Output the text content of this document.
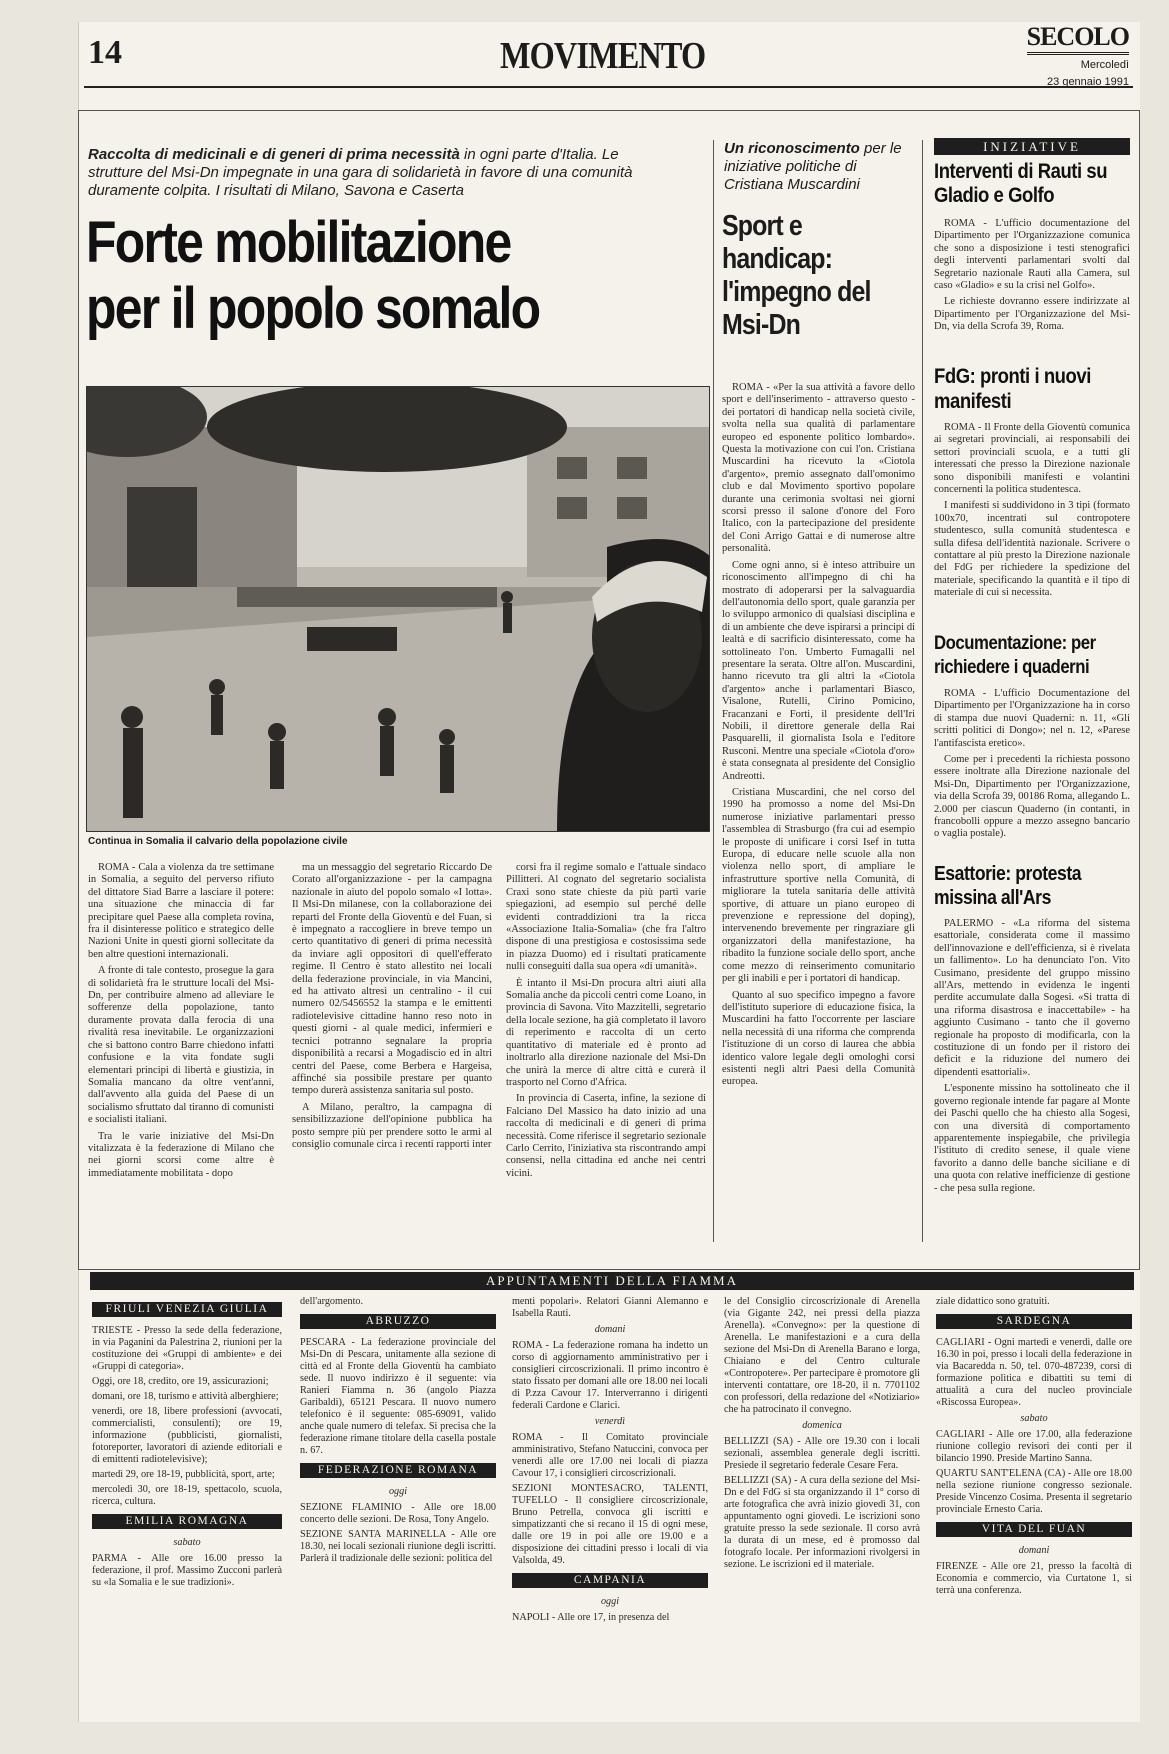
14	MOVIMENTO	SECOLO
Mercoledì
23 gennaio 1991
Raccolta di medicinali e di generi di prima necessità in ogni parte d'Italia. Le strutture del Msi-Dn impegnate in una gara di solidarietà in favore di una comunità duramente colpita. I risultati di Milano, Savona e Caserta
Forte mobilitazione per il popolo somalo
Continua in Somalia il calvario della popolazione civile

ROMA - Cala a violenza da tre settimane in Somalia, a seguito del perverso rifiuto del dittatore Siad Barre a lasciare il potere: una situazione che minaccia di far precipitare quel Paese alla completa rovina, fra il disinteresse politico e strategico delle Nazioni Unite in questi giorni sollecitate da ben altre questioni internazionali.

A fronte di tale contesto, prosegue la gara di solidarietà fra le strutture locali del Msi-Dn, per contribuire almeno ad alleviare le sofferenze della popolazione, tanto duramente provata dalla ferocia di una rivalità resa inevitabile. Le organizzazioni che si battono contro Barre chiedono infatti confusione e la vita fondate sugli elementari principi di libertà e giustizia, in Somalia mancano da oltre vent'anni, dall'avvento alla guida del Paese di un socialismo sfruttato dal tiranno di comunisti e socialisti italiani.

Tra le varie iniziative del Msi-Dn vitalizzata è la federazione di Milano che nei giorni scorsi come altre è immediatamente mobilitata - dopo

ma un messaggio del segretario Riccardo De Corato all'organizzazione - per la campagna nazionale in aiuto del popolo somalo «I lotta». Il Msi-Dn milanese, con la collaborazione dei reparti del Fronte della Gioventù e del Fuan, si è impegnato a raccogliere in breve tempo un certo quantitativo di generi di prima necessità da inviare agli oppositori di quell'efferato regime. Il Centro è stato allestito nei locali della federazione provinciale, in via Mancini, ed ha attivato altresì un centralino - il cui numero 02/5456552 la stampa e le emittenti radiotelevisive cittadine hanno reso noto in questi giorni - al quale medici, infermieri e tecnici potranno segnalare la propria disponibilità a recarsi a Mogadiscio ed in altri centri del Paese, come Berbera e Hargeisa, affinché sia possibile prestare per quanto tempo durerà assistenza sanitaria sul posto.

A Milano, peraltro, la campagna di sensibilizzazione dell'opinione pubblica ha posto sempre più per prendere sotto le armi al consiglio comunale circa i recenti rapporti inter

corsi fra il regime somalo e l'attuale sindaco Pillitteri. Al cognato del segretario socialista Craxi sono state chieste da più parti varie spiegazioni, ad esempio sul perché delle evidenti contraddizioni tra la ricca «Associazione Italia-Somalia» (che fra l'altro dispone di una prestigiosa e costosissima sede in piazza Duomo) ed i risultati praticamente nulli conseguiti dalla sua opera «di umanità».

È intanto il Msi-Dn procura altri aiuti alla Somalia anche da piccoli centri come Loano, in provincia di Savona. Vito Mazzitelli, segretario della locale sezione, ha già completato il lavoro di reperimento e raccolta di un certo quantitativo di materiale ed è pronto ad inoltrarlo alla direzione nazionale del Msi-Dn che unirà la merce di altre città e curerà il trasporto nel Corno d'Africa.

In provincia di Caserta, infine, la sezione di Falciano Del Massico ha dato inizio ad una raccolta di medicinali e di generi di prima necessità. Come riferisce il segretario sezionale Carlo Cerrito, l'iniziativa sta riscontrando ampi consensi, nella cittadina ed anche nei centri vicini.

Un riconoscimento per le iniziative politiche di Cristiana Muscardini
Sport e handicap: l'impegno del Msi-Dn

ROMA - «Per la sua attività a favore dello sport e dell'inserimento - attraverso questo - dei portatori di handicap nella società civile, svolta nella sua qualità di parlamentare europeo ed esponente politico lombardo». Questa la motivazione con cui l'on. Cristiana Muscardini ha ricevuto la «Ciotola d'argento», premio assegnato dall'omonimo club e dal Movimento sportivo popolare durante una cerimonia svoltasi nei giorni scorsi presso il salone d'onore del Foro Italico, con la partecipazione del presidente del Coni Arrigo Gattai e di numerose altre personalità.

Come ogni anno, si è inteso attribuire un riconoscimento all'impegno di chi ha mostrato di adoperarsi per la salvaguardia dell'autonomia dello sport, quale garanzia per lo sviluppo armonico di qualsiasi disciplina e di un ambiente che deve ispirarsi a principi di lealtà e di sacrificio disinteressato, come ha sottolineato l'on. Umberto Fumagalli nel presentare la serata. Oltre all'on. Muscardini, hanno ricevuto tra gli altri la «Ciotola d'argento» anche i parlamentari Biasco, Visalone, Rutelli, Cirino Pomicino, Fracanzani e Forti, il presidente dell'Iri Nobili, il direttore generale della Rai Pasquarelli, il giornalista Isola e l'editore Rusconi. Mentre una speciale «Ciotola d'oro» è stata consegnata al presidente del Consiglio Andreotti.

Cristiana Muscardini, che nel corso del 1990 ha promosso a nome del Msi-Dn numerose iniziative parlamentari presso l'assemblea di Strasburgo (fra cui ad esempio le proposte di unificare i corsi Isef in tutta Europa, di educare nelle scuole alla non violenza nello sport, di ampliare le infrastrutture sportive nella Comunità, di migliorare la tutela sanitaria delle attività sportive, di attuare un piano europeo di prevenzione e repressione del doping), intervenendo brevemente per ringraziare gli organizzatori della manifestazione, ha ribadito la funzione sociale dello sport, anche come mezzo di reinserimento comunitario per gli inabili e per i portatori di handicap.

Quanto al suo specifico impegno a favore dell'istituto superiore di educazione fisica, la Muscardini ha fatto l'occorrente per lasciare nella necessità di una riforma che comprenda l'istituzione di un corso di laurea che abbia identico valore legale degli omologhi corsi esistenti negli altri Paesi della Comunità europea.

INIZIATIVE
Interventi di Rauti su Gladio e Golfo

ROMA - L'ufficio documentazione del Dipartimento per l'Organizzazione comunica che sono a disposizione i testi stenografici degli interventi parlamentari svolti dal Segretario nazionale Rauti alla Camera, sul caso «Gladio» e su la crisi nel Golfo».

Le richieste dovranno essere indirizzate al Dipartimento per l'Organizzazione del Msi-Dn, via della Scrofa 39, Roma.

FdG: pronti i nuovi manifesti

ROMA - Il Fronte della Gioventù comunica ai segretari provinciali, ai responsabili dei settori provinciali scuola, e a tutti gli interessati che presso la Direzione nazionale sono disponibili manifesti e volantini concernenti la politica studentesca.

I manifesti si suddividono in 3 tipi (formato 100x70, incentrati sul contropotere studentesco, sulla comunità studentesca e sulla difesa dell'identità nazionale. Scrivere o contattare al più presto la Direzione nazionale del FdG per richiedere la spedizione del materiale, specificando la quantità e il tipo di materiale di cui si necessita.

Documentazione: per richiedere i quaderni

ROMA - L'ufficio Documentazione del Dipartimento per l'Organizzazione ha in corso di stampa due nuovi Quaderni: n. 11, «Gli scritti politici di Dongo»; nel n. 12, «Parese l'antifascista eretico».

Come per i precedenti la richiesta possono essere inoltrate alla Direzione nazionale del Msi-Dn, Dipartimento per l'Organizzazione, via della Scrofa 39, 00186 Roma, allegando L. 2.000 per ciascun Quaderno (in contanti, in francobolli oppure a mezzo assegno bancario o vaglia postale).

Esattorie: protesta missina all'Ars

PALERMO - «La riforma del sistema esattoriale, considerata come il massimo dell'innovazione e dell'efficienza, si è rivelata un fallimento». Lo ha denunciato l'on. Vito Cusimano, presidente del gruppo missino all'Ars, mettendo in evidenza le ingenti perdite accumulate dalla Sogesi. «Si tratta di una riforma disastrosa e inaccettabile» - ha aggiunto Cusimano - tanto che il governo regionale ha proposto di modificarla, con la costituzione di un fondo per il ristoro dei deficit e la riduzione del numero dei dipendenti esattoriali».

L'esponente missino ha sottolineato che il governo regionale intende far pagare al Monte dei Paschi quello che ha chiesto alla Sogesi, con una diversità di comportamento apparentemente inspiegabile, che privilegia l'istituto di credito senese, il quale viene favorito a danno delle banche siciliane e di una quota con relative inefficienze di gestione - che pesa sulla regione.

APPUNTAMENTI DELLA FIAMMA
FRIULI VENEZIA GIULIA

TRIESTE - Presso la sede della federazione, in via Paganini da Palestrina 2, riunioni per la costituzione dei «Gruppi di ambiente» e dei «Gruppi di categoria».

Oggi, ore 18, credito, ore 19, assicurazioni;

domani, ore 18, turismo e attività alberghiere;

venerdì, ore 18, libere professioni (avvocati, commercialisti, consulenti); ore 19, informazione (pubblicisti, giornalisti, fotoreporter, lavoratori di aziende editoriali e di emittenti radiotelevisive);

martedì 29, ore 18-19, pubblicità, sport, arte;

mercoledì 30, ore 18-19, spettacolo, scuola, ricerca, cultura.

EMILIA ROMAGNA
sabato

PARMA - Alle ore 16.00 presso la federazione, il prof. Massimo Zucconi parlerà su «la Somalia e le sue tradizioni».

dell'argomento.

ABRUZZO

PESCARA - La federazione provinciale del Msi-Dn di Pescara, unitamente alla sezione di città ed al Fronte della Gioventù ha cambiato sede. Il nuovo indirizzo è il seguente: via Ranieri Fiamma n. 36 (angolo Piazza Garibaldi), 65121 Pescara. Il nuovo numero telefonico è il seguente: 085-69091, valido anche quale numero di telefax. Si precisa che la federazione rimane titolare della casella postale n. 67.

FEDERAZIONE ROMANA
oggi

SEZIONE FLAMINIO - Alle ore 18.00 concerto delle sezioni. De Rosa, Tony Angelo.

SEZIONE SANTA MARINELLA - Alle ore 18.30, nei locali sezionali riunione degli iscritti. Parlerà il tradizionale delle sezioni: politica del

menti popolari». Relatori Gianni Alemanno e Isabella Rauti.

domani

ROMA - La federazione romana ha indetto un corso di aggiornamento amministrativo per i consiglieri circoscrizionali. Il primo incontro è stato fissato per domani alle ore 18.00 nei locali di P.zza Cavour 17. Interverranno i dirigenti federali Cardone e Clarici.

venerdì

ROMA - Il Comitato provinciale amministrativo, Stefano Natuccini, convoca per venerdì alle ore 17.00 nei locali di piazza Cavour 17, i consiglieri circoscrizionali.

SEZIONI MONTESACRO, TALENTI, TUFELLO - Il consigliere circoscrizionale, Bruno Petrella, convoca gli iscritti e simpatizzanti che si recano il 15 di ogni mese, dalle ore 19 in poi alle ore 19.00 e a disposizione dei cittadini presso i locali di via Valsolda, 49.

CAMPANIA
oggi

NAPOLI - Alle ore 17, in presenza del

le del Consiglio circoscrizionale di Arenella (via Gigante 242, nei pressi della piazza Arenella). «Convegno»: per la questione di Arenella. Le manifestazioni e a cura della sezione del Msi-Dn di Arenella Barano e lorga, Chiaiano e del Centro culturale «Contropotere». Per partecipare è promotore gli interventi contattare, ore 18-20, il n. 7701102 con professori, della redazione del «Notiziario» che ha patrocinato il convegno.

domenica

BELLIZZI (SA) - Alle ore 19.30 con i locali sezionali, assemblea generale degli iscritti. Presiede il segretario federale Cesare Fera.

BELLIZZI (SA) - A cura della sezione del Msi-Dn e del FdG si sta organizzando il 1° corso di arte fotografica che avrà inizio giovedì 31, con appuntamento ogni giovedì. Le iscrizioni sono gratuite presso la sede sezionale. Il corso avrà la durata di un mese, ed è promosso dal fotografo locale. Per informazioni rivolgersi in sezione. Le iscrizioni ed il materiale.

ziale didattico sono gratuiti.

SARDEGNA

CAGLIARI - Ogni martedì e venerdì, dalle ore 16.30 in poi, presso i locali della federazione in via Bacaredda n. 50, tel. 070-487239, corsi di formazione politica e dibattiti su temi di attualità a cura del nucleo provinciale «Riscossa Europea».

sabato

CAGLIARI - Alle ore 17.00, alla federazione riunione collegio revisori dei conti per il bilancio 1990. Preside Martino Sanna.

QUARTU SANT'ELENA (CA) - Alle ore 18.00 nella sezione riunione congresso sezionale. Preside Vincenzo Cosima. Presenta il segretario provinciale Ernesto Caria.

VITA DEL FUAN
domani

FIRENZE - Alle ore 21, presso la facoltà di Economia e commercio, via Curtatone 1, si terrà una conferenza.
